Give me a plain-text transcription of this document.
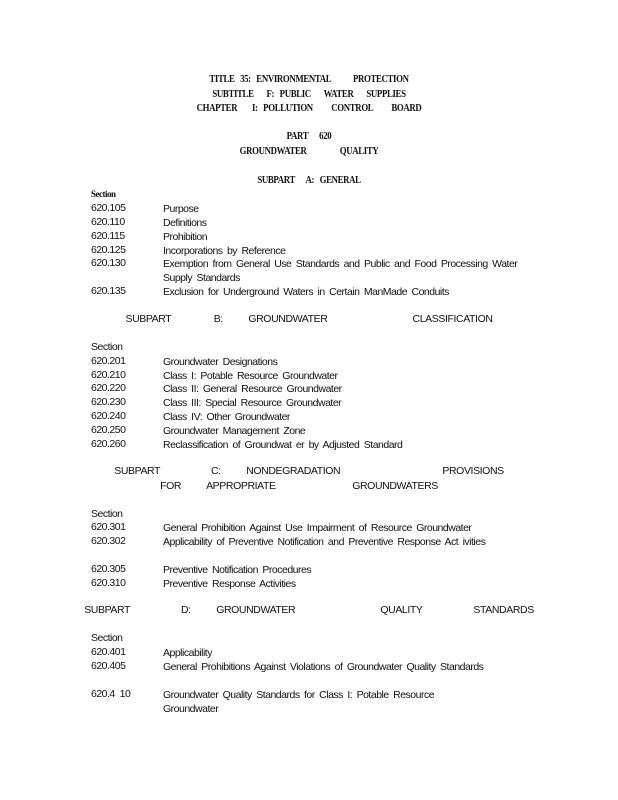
TITLE   35:   ENVIRONMENTAL            PROTECTION
SUBTITLE       F:   PUBLIC       WATER       SUPPLIES
CHAPTER        I:   POLLUTION          CONTROL          BOARD
PART      620
GROUNDWATER                  QUALITY
SUBPART      A:   GENERAL
Section
620.105	Purpose
620.110	Definitions
620.115	Prohibition
620.125	Incorporations by Reference
620.130	Exemption from General Use Standards and Public and Food Processing Water Supply Standards
620.135	Exclusion for Underground Waters in Certain ManMade Conduits
SUBPART     B:   GROUNDWATER          CLASSIFICATION
Section
620.201	Groundwater Designations
620.210	Class I: Potable Resource Groundwater
620.220	Class II: General Resource Groundwater
620.230	Class III: Special Resource Groundwater
620.240	Class IV: Other Groundwater
620.250	Groundwater Management Zone
620.260	Reclassification of Groundwat er by Adjusted Standard
SUBPART      C:   NONDEGRADATION            PROVISIONS
FOR   APPROPRIATE         GROUNDWATERS
Section
620.301	General Prohibition Against Use Impairment of Resource Groundwater
620.302	Applicability of Preventive Notification and Preventive Response Act ivities
620.305	Preventive Notification Procedures
620.310	Preventive Response Activities
SUBPART      D:   GROUNDWATER          QUALITY      STANDARDS
Section
620.401	Applicability
620.405	General Prohibitions Against Violations of Groundwater Quality Standards
620.4  10	Groundwater Quality Standards for Class I: Potable Resource Groundwater
